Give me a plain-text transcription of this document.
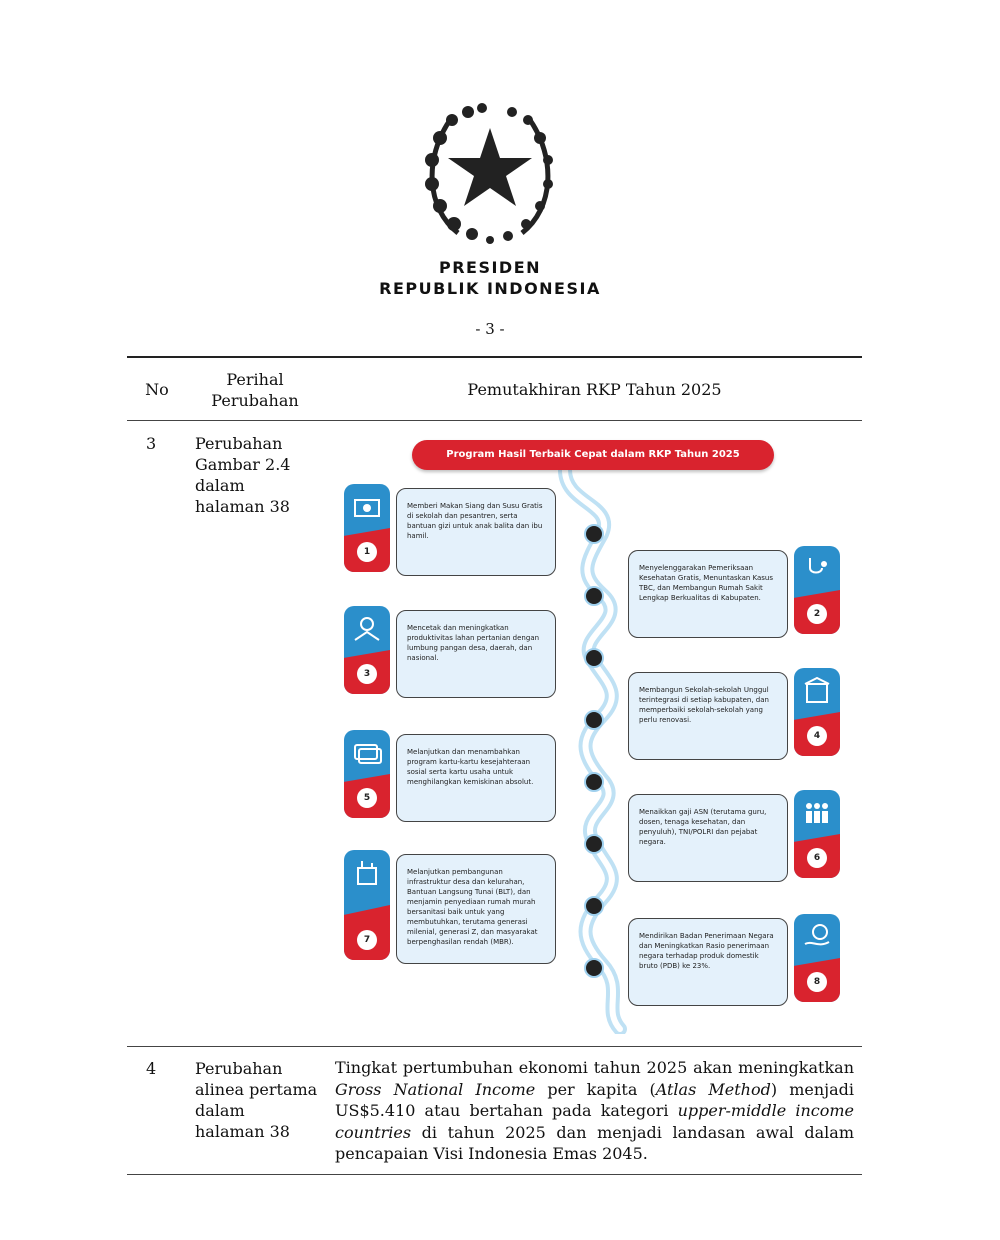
PRESIDEN
REPUBLIK INDONESIA
- 3 -
No
Perihal
Perubahan
Pemutakhiran RKP Tahun 2025
3 Perubahan
Gambar 2.4
dalam
halaman 38
Program Hasil Terbaik Cepat dalam RKP Tahun 2025
1
Memberi Makan Siang dan Susu Gratis di sekolah dan pesantren, serta bantuan gizi untuk anak balita dan ibu hamil.
Menyelenggarakan Pemeriksaan Kesehatan Gratis, Menuntaskan Kasus TBC, dan Membangun Rumah Sakit Lengkap Berkualitas di Kabupaten.
2
3
Mencetak dan meningkatkan produktivitas lahan pertanian dengan lumbung pangan desa, daerah, dan nasional.
Membangun Sekolah-sekolah Unggul terintegrasi di setiap kabupaten, dan memperbaiki sekolah-sekolah yang perlu renovasi.
4
5
Melanjutkan dan menambahkan program kartu-kartu kesejahteraan sosial serta kartu usaha untuk menghilangkan kemiskinan absolut.
Menaikkan gaji ASN (terutama guru, dosen, tenaga kesehatan, dan penyuluh), TNI/POLRI dan pejabat negara.
6
7
Melanjutkan pembangunan infrastruktur desa dan kelurahan, Bantuan Langsung Tunai (BLT), dan menjamin penyediaan rumah murah bersanitasi baik untuk yang membutuhkan, terutama generasi milenial, generasi Z, dan masyarakat berpenghasilan rendah (MBR).
Mendirikan Badan Penerimaan Negara dan Meningkatkan Rasio penerimaan negara terhadap produk domestik bruto (PDB) ke 23%.
8
4 Perubahan
alinea pertama
dalam
halaman 38
Tingkat pertumbuhan ekonomi tahun 2025 akan meningkatkan Gross National Income per kapita (Atlas Method) menjadi US$5.410 atau bertahan pada kategori upper-middle income countries di tahun 2025 dan menjadi landasan awal dalam pencapaian Visi Indonesia Emas 2045.
